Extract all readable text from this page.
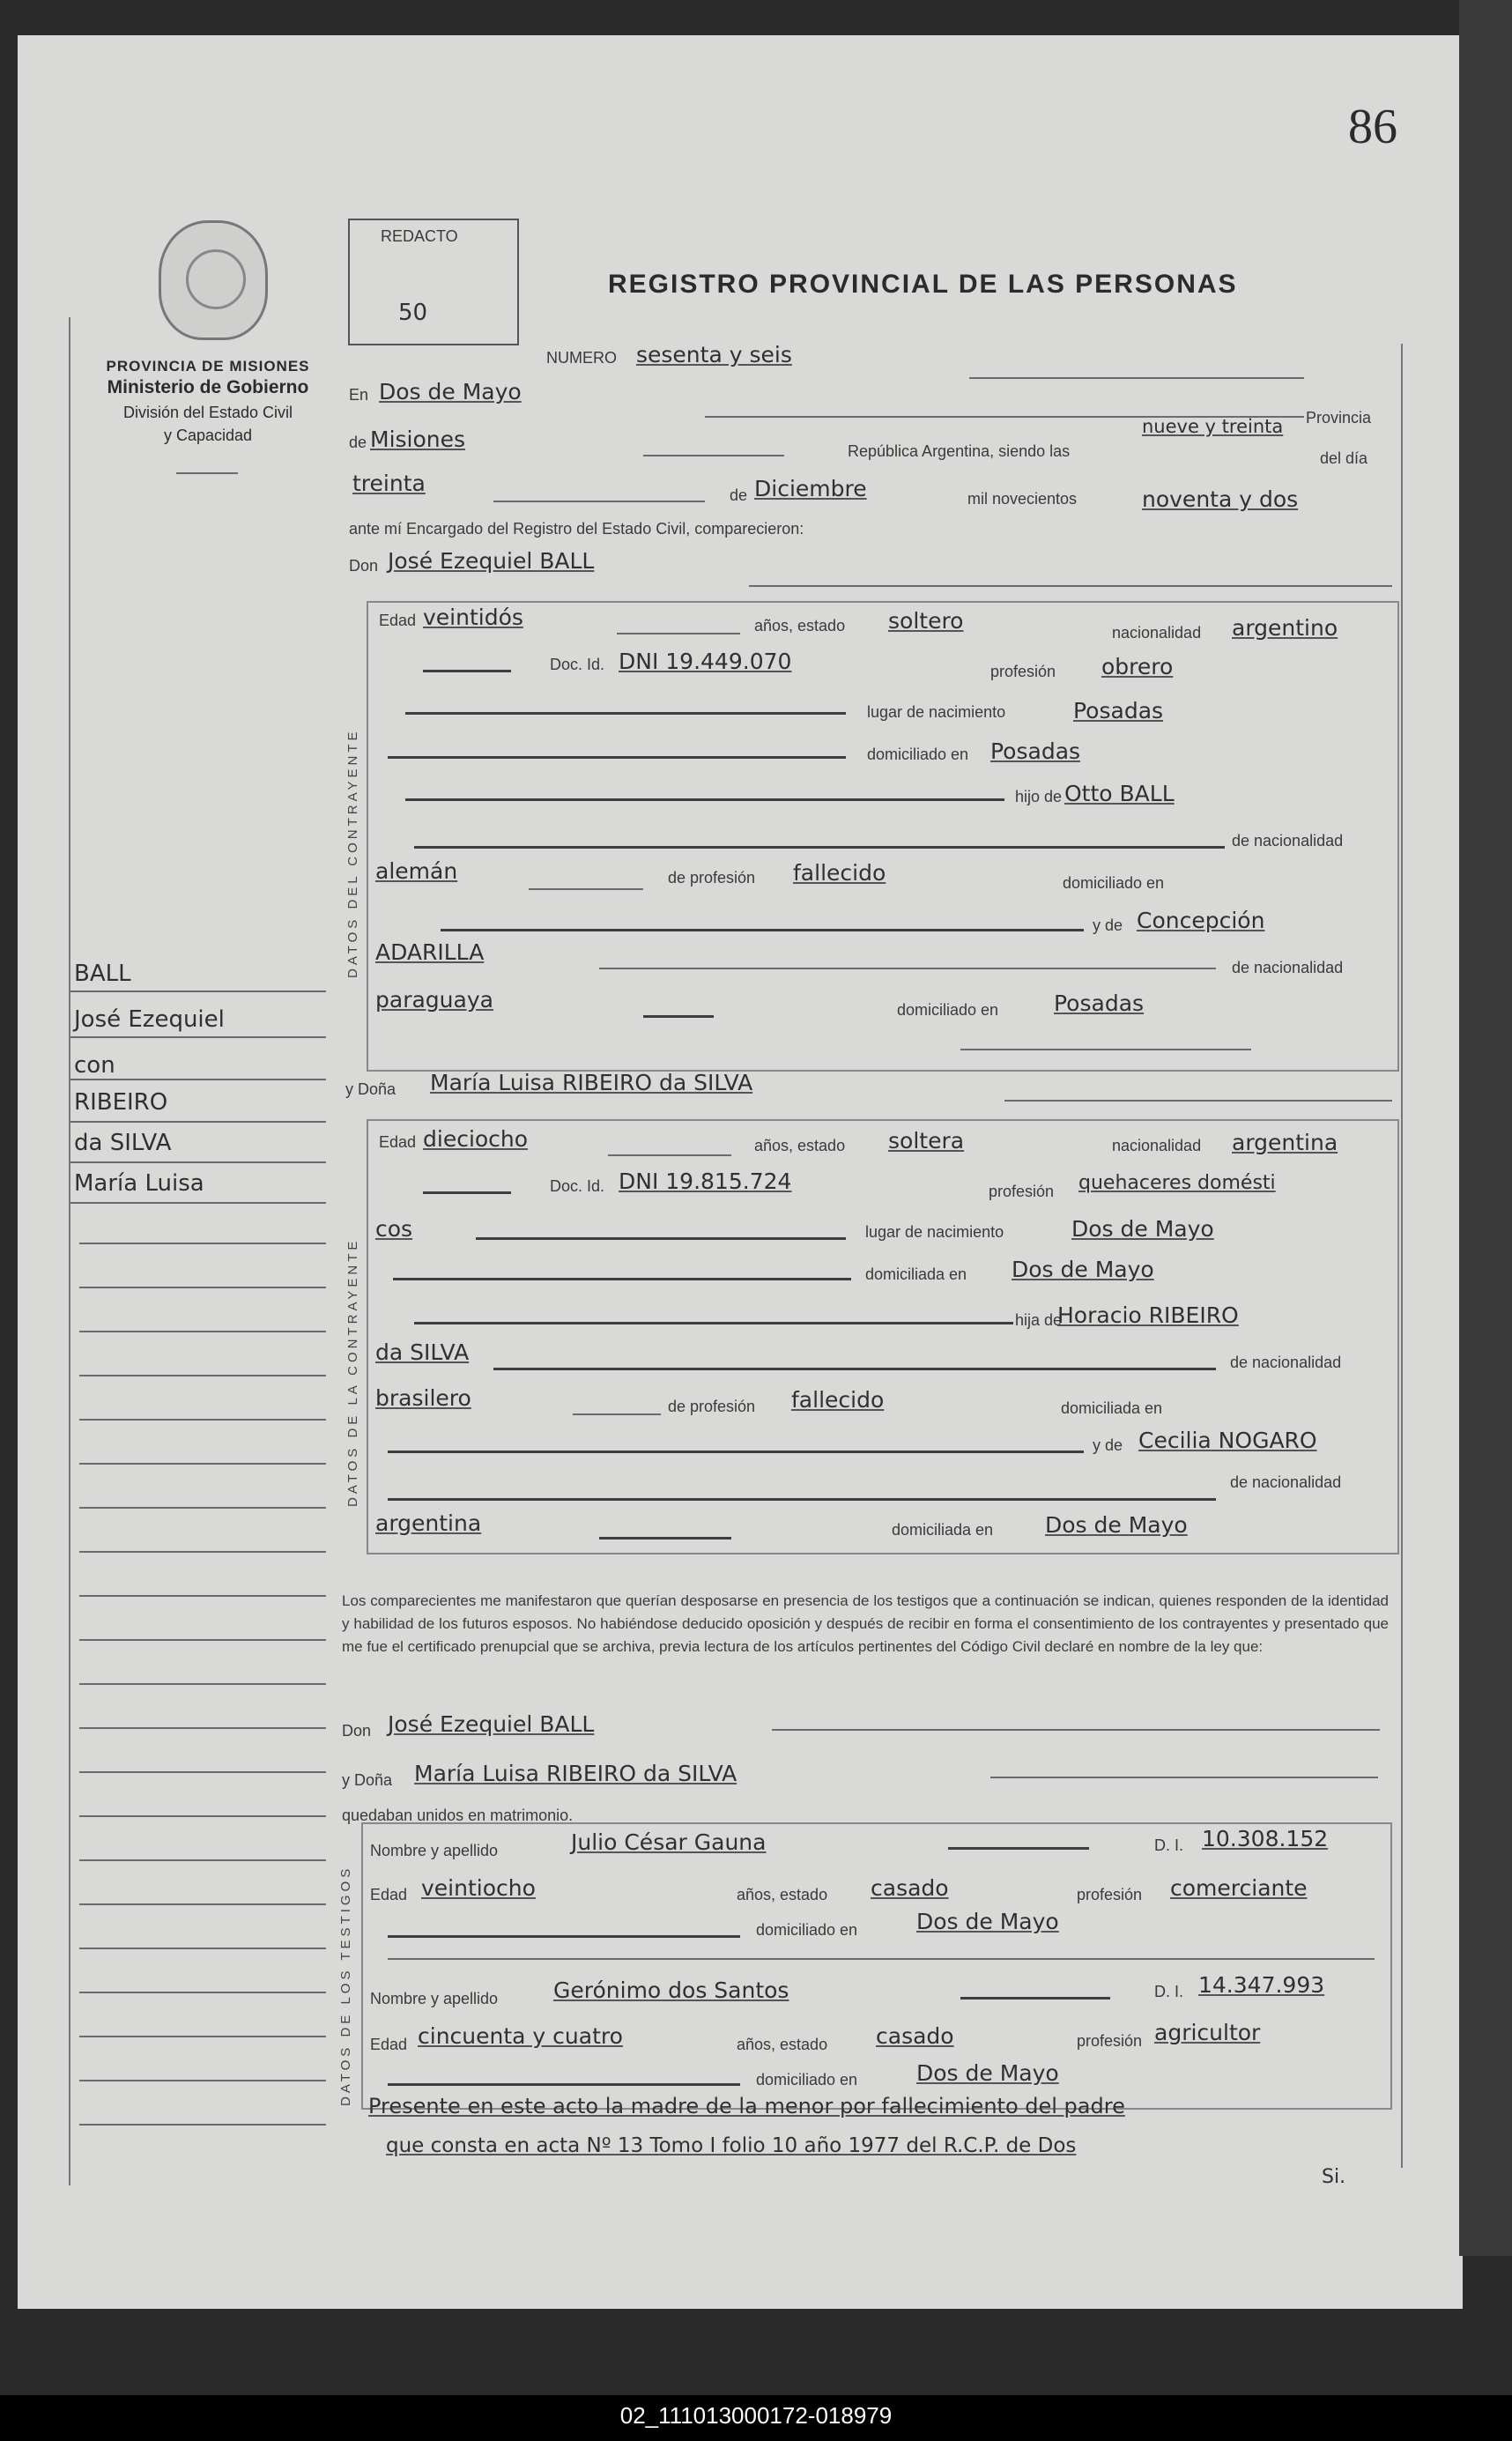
86
PROVINCIA DE MISIONES
Ministerio de Gobierno
División del Estado Civil
y Capacidad
BALL
José Ezequiel
con
RIBEIRO
da SILVA
María Luisa
REDACTO
50
REGISTRO PROVINCIAL DE LAS PERSONAS
NUMERO sesenta y seis
En Dos de Mayo
Provincia
de Misiones	República Argentina, siendo las
nueve y treinta
del día
treinta	de Diciembre	mil novecientos	noventa y dos
ante mí Encargado del Registro del Estado Civil, comparecieron:
Don José Ezequiel BALL
DATOS DEL CONTRAYENTE
Edad veintidós	años, estado soltero	nacionalidad argentino
Doc. Id. DNI 19.449.070	profesión obrero
lugar de nacimiento	Posadas
domiciliado en Posadas
hijo de Otto BALL
de nacionalidad
alemán	de profesión fallecido	domiciliado en
y de Concepción
ADARILLA
de nacionalidad
paraguaya	domiciliado en	Posadas
y Doña María Luisa RIBEIRO da SILVA
DATOS DE LA CONTRAYENTE
Edad dieciocho	años, estado soltera	nacionalidad argentina
Doc. Id. DNI 19.815.724	profesión quehaceres domésti
cos	lugar de nacimiento	Dos de Mayo
domiciliada en Dos de Mayo
hija de
Horacio RIBEIRO
da SILVA	de nacionalidad
brasilero	de profesión fallecido	domiciliada en
y de Cecilia NOGARO
de nacionalidad
argentina	domiciliada en Dos de Mayo
Los comparecientes me manifestaron que querían desposarse en presencia de los testigos que a continuación se indican, quienes responden de la identidad y habilidad de los futuros esposos. No habiéndose deducido oposición y después de recibir en forma el consentimiento de los contrayentes y presentado que me fue el certificado prenupcial que se archiva, previa lectura de los artículos pertinentes del Código Civil declaré en nombre de la ley que:
Don José Ezequiel BALL
y Doña María Luisa RIBEIRO da SILVA
quedaban unidos en matrimonio.
DATOS DE LOS TESTIGOS
Nombre y apellido	Julio César Gauna	D. I. 10.308.152
Edad veintiocho	años, estado casado	profesión comerciante
domiciliado en	Dos de Mayo
Nombre y apellido	Gerónimo dos Santos	D. I. 14.347.993
Edad cincuenta y cuatro	años, estado casado	profesión agricultor
domiciliado en	Dos de Mayo
Presente en este acto la madre de la menor por fallecimiento del padre
que consta en acta Nº 13 Tomo I folio 10 año 1977 del R.C.P. de Dos
Si.
02_111013000172-018979
